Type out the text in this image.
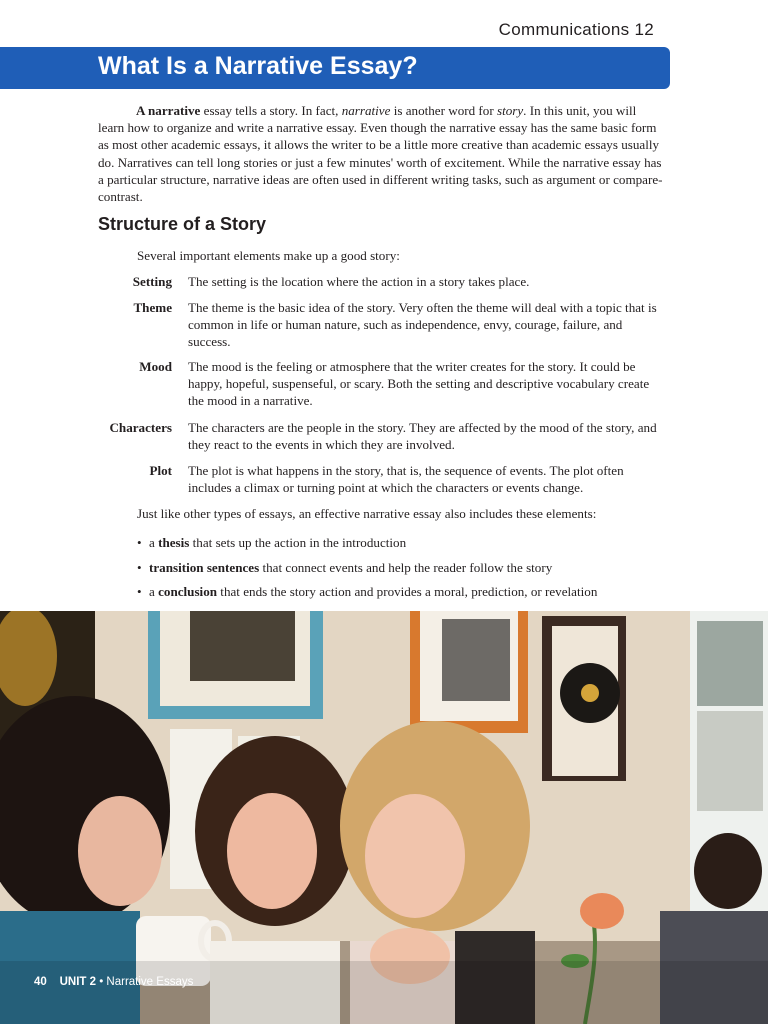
Communications 12
What Is a Narrative Essay?

A narrative essay tells a story. In fact, narrative is another word for story. In this unit, you will learn how to organize and write a narrative essay. Even though the narrative essay has the same basic form as most other academic essays, it allows the writer to be a little more creative than academic essays usually do. Narratives can tell long stories or just a few minutes' worth of excitement. While the narrative essay has a particular structure, narrative ideas are often used in different writing tasks, such as argument or compare-contrast.

Structure of a Story

Several important elements make up a good story:

Setting The setting is the location where the action in a story takes place.
Theme The theme is the basic idea of the story. Very often the theme will deal with a topic that is common in life or human nature, such as independence, envy, courage, failure, and success.
Mood The mood is the feeling or atmosphere that the writer creates for the story. It could be happy, hopeful, suspenseful, or scary. Both the setting and descriptive vocabulary create the mood in a narrative.
Characters The characters are the people in the story. They are affected by the mood of the story, and they react to the events in which they are involved.
Plot The plot is what happens in the story, that is, the sequence of events. The plot often includes a climax or turning point at which the characters or events change.

Just like other types of essays, an effective narrative essay also includes these elements:

• a thesis that sets up the action in the introduction
• transition sentences that connect events and help the reader follow the story
• a conclusion that ends the story action and provides a moral, prediction, or revelation
40 UNIT 2 • Narrative Essays
